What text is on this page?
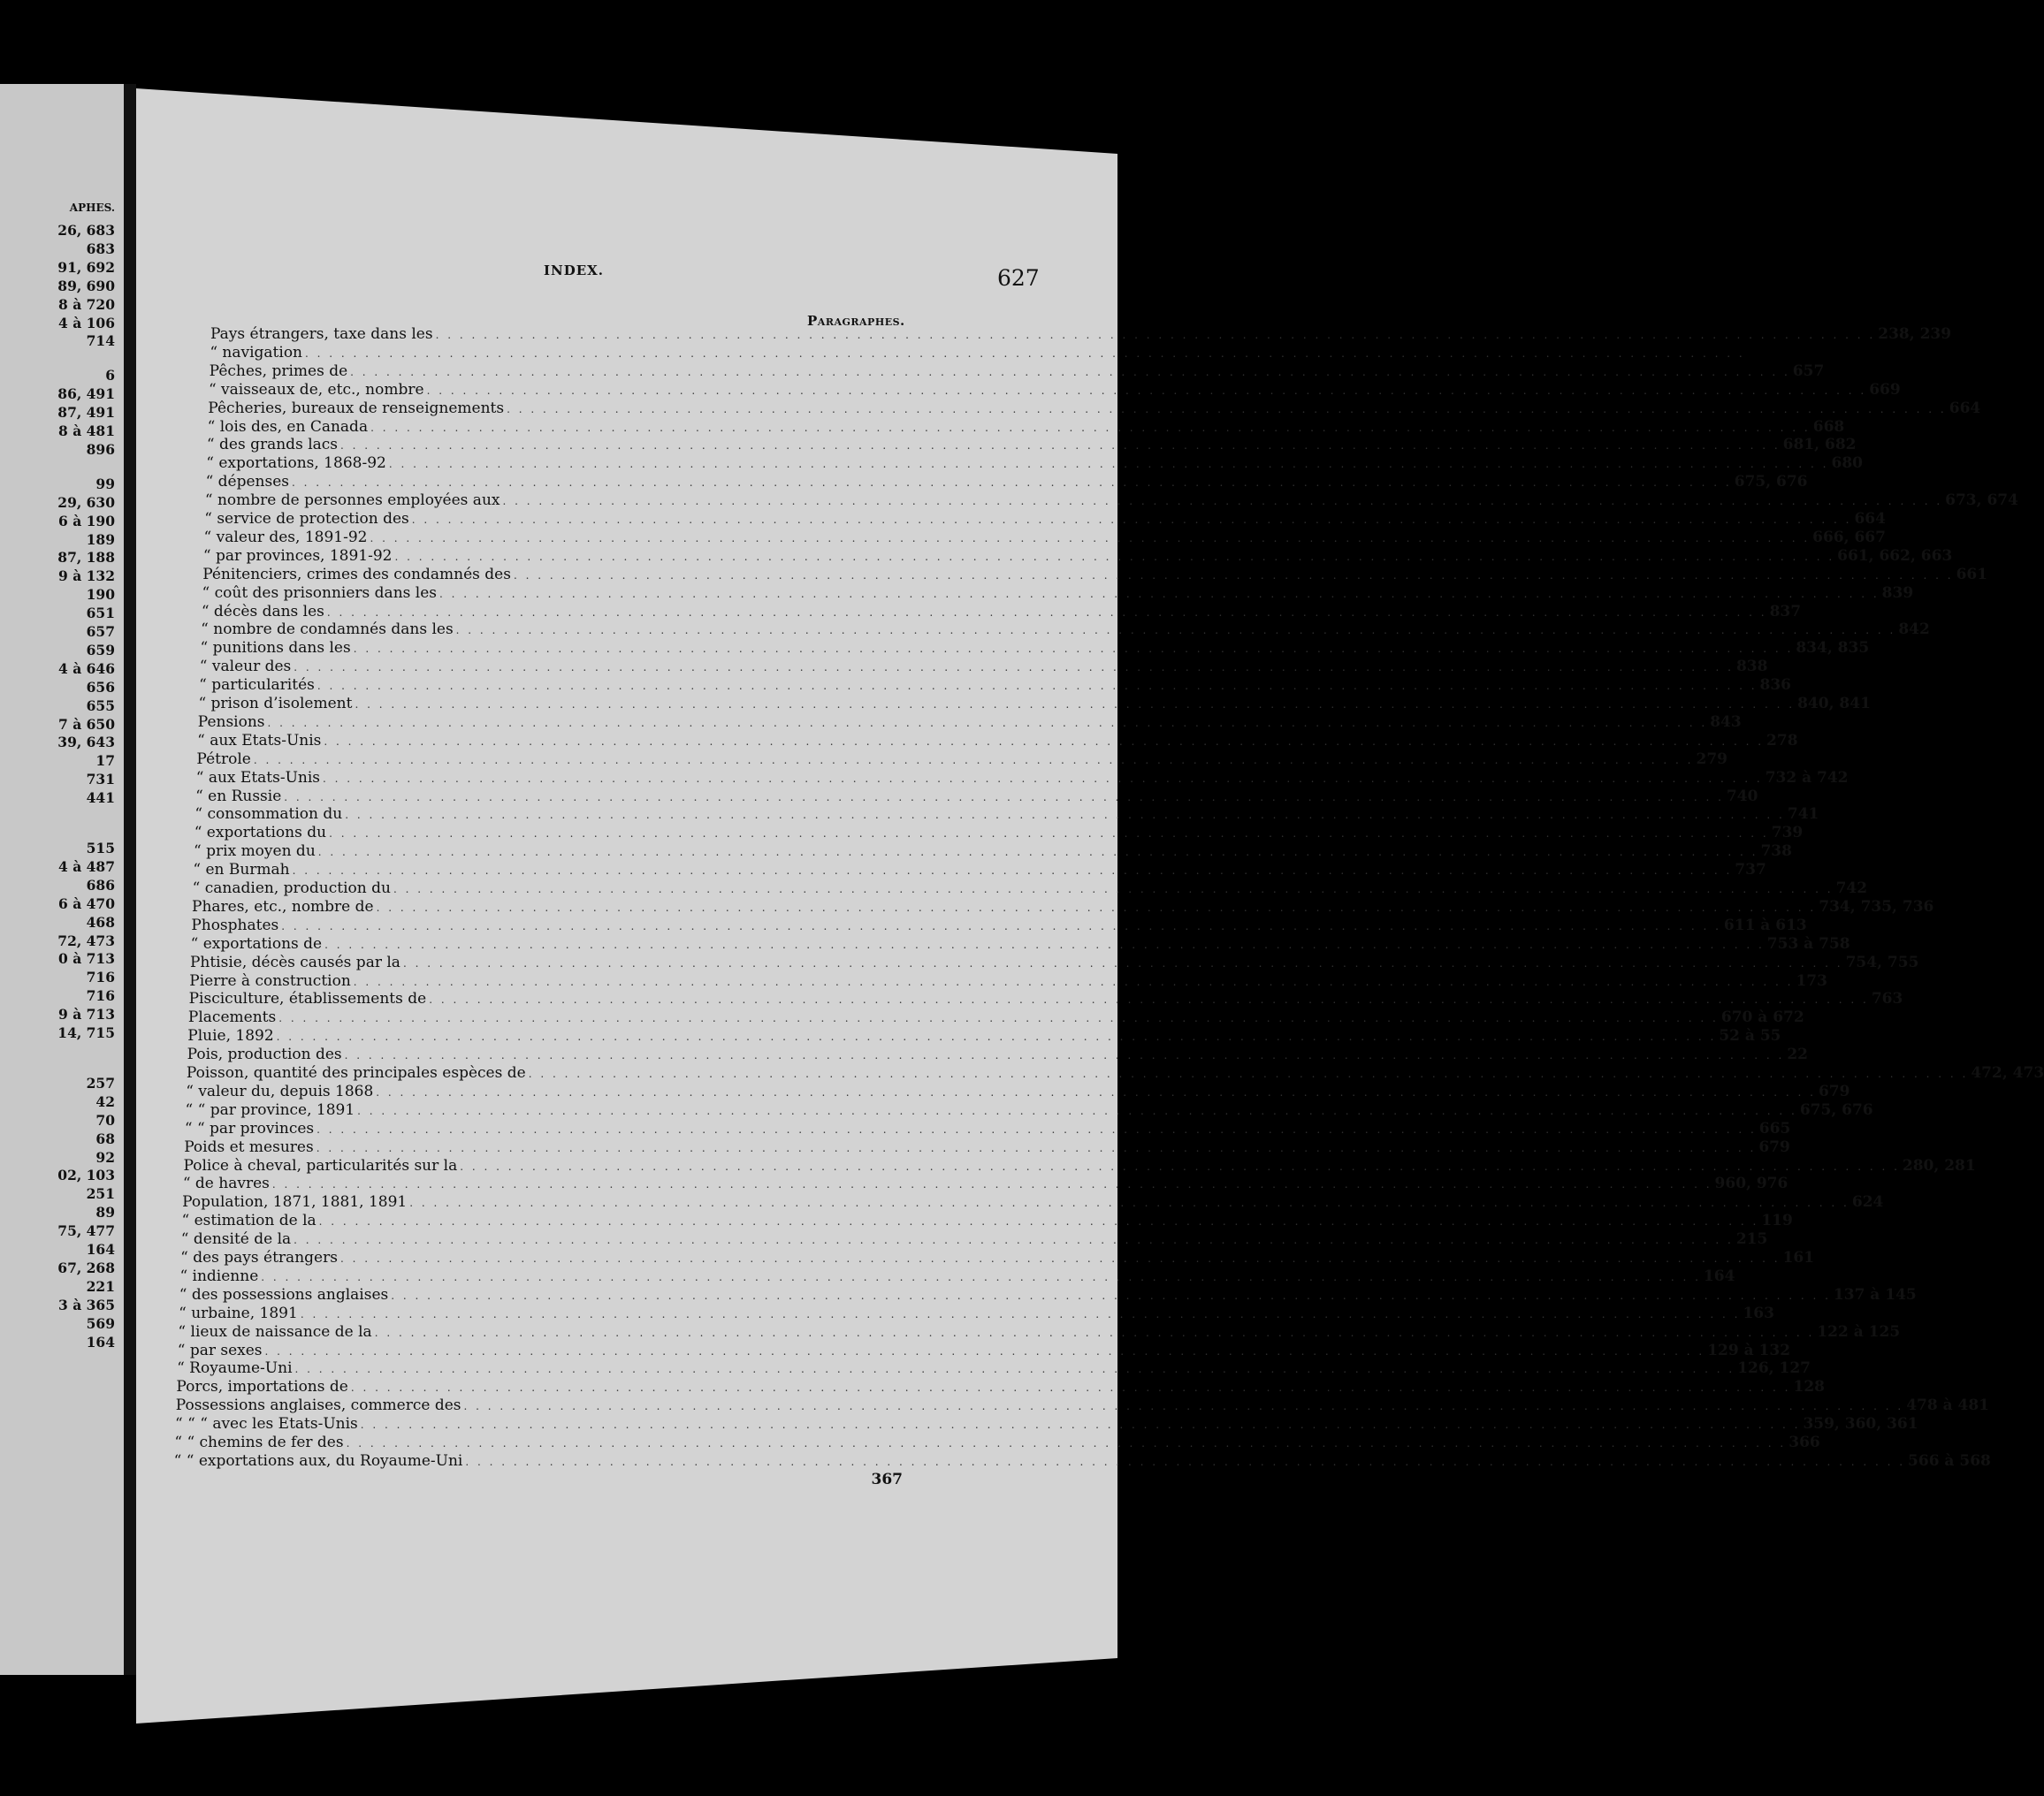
APHES.
26, 683
683
91, 692
89, 690
8 à 720
4 à 106
714
6
86, 491
87, 491
8 à 481
896
99
29, 630
6 à 190
189
87, 188
9 à 132
190
651
657
659
4 à 646
656
655
7 à 650
39, 643
17
731
441
515
4 à 487
686
6 à 470
468
72, 473
0 à 713
716
716
9 à 713
14, 715
257
42
70
68
92
02, 103
251
89
75, 477
164
67, 268
221
3 à 365
569
164
INDEX.	627
Paragraphes.
Pays étrangers, taxe dans les . . . . . . . . . . . . . . . . . . . . . . . . . . . . . . . . . . . . . . . . . . . . . . . . . . . . . . . . . . . . . . . . . . . . . . . . . . . . . . . . . . . . . . . . . . . . . . . . . . . . . . . . . . . . . . . . . . . . . . . . 238, 239
“ navigation . . . . . . . . . . . . . . . . . . . . . . . . . . . . . . . . . . . . . . . . . . . . . . . . . . . . . . . . . . . . . . . . . . . . . . . . . . . . . . . . . . . . . . . . . . . . . . . . . . . . . . . . . . . . . . . . . . . . . . . .
Pêches, primes de . . . . . . . . . . . . . . . . . . . . . . . . . . . . . . . . . . . . . . . . . . . . . . . . . . . . . . . . . . . . . . . . . . . . . . . . . . . . . . . . . . . . . . . . . . . . . . . . . . . . . . . . . . . . . . . . . . . . . . . . 657
“ vaisseaux de, etc., nombre . . . . . . . . . . . . . . . . . . . . . . . . . . . . . . . . . . . . . . . . . . . . . . . . . . . . . . . . . . . . . . . . . . . . . . . . . . . . . . . . . . . . . . . . . . . . . . . . . . . . . . . . . . . . . . . . . . . . . . . . 669
Pêcheries, bureaux de renseignements . . . . . . . . . . . . . . . . . . . . . . . . . . . . . . . . . . . . . . . . . . . . . . . . . . . . . . . . . . . . . . . . . . . . . . . . . . . . . . . . . . . . . . . . . . . . . . . . . . . . . . . . . . . . . . . . . . . . . . . . 664
“ lois des, en Canada . . . . . . . . . . . . . . . . . . . . . . . . . . . . . . . . . . . . . . . . . . . . . . . . . . . . . . . . . . . . . . . . . . . . . . . . . . . . . . . . . . . . . . . . . . . . . . . . . . . . . . . . . . . . . . . . . . . . . . . . 668
“ des grands lacs . . . . . . . . . . . . . . . . . . . . . . . . . . . . . . . . . . . . . . . . . . . . . . . . . . . . . . . . . . . . . . . . . . . . . . . . . . . . . . . . . . . . . . . . . . . . . . . . . . . . . . . . . . . . . . . . . . . . . . . . 681, 682
“ exportations, 1868-92 . . . . . . . . . . . . . . . . . . . . . . . . . . . . . . . . . . . . . . . . . . . . . . . . . . . . . . . . . . . . . . . . . . . . . . . . . . . . . . . . . . . . . . . . . . . . . . . . . . . . . . . . . . . . . . . . . . . . . . . . 680
“ dépenses . . . . . . . . . . . . . . . . . . . . . . . . . . . . . . . . . . . . . . . . . . . . . . . . . . . . . . . . . . . . . . . . . . . . . . . . . . . . . . . . . . . . . . . . . . . . . . . . . . . . . . . . . . . . . . . . . . . . . . . . 675, 676
“ nombre de personnes employées aux . . . . . . . . . . . . . . . . . . . . . . . . . . . . . . . . . . . . . . . . . . . . . . . . . . . . . . . . . . . . . . . . . . . . . . . . . . . . . . . . . . . . . . . . . . . . . . . . . . . . . . . . . . . . . . . . . . . . . . . . 673, 674
“ service de protection des . . . . . . . . . . . . . . . . . . . . . . . . . . . . . . . . . . . . . . . . . . . . . . . . . . . . . . . . . . . . . . . . . . . . . . . . . . . . . . . . . . . . . . . . . . . . . . . . . . . . . . . . . . . . . . . . . . . . . . . . 664
“ valeur des, 1891-92 . . . . . . . . . . . . . . . . . . . . . . . . . . . . . . . . . . . . . . . . . . . . . . . . . . . . . . . . . . . . . . . . . . . . . . . . . . . . . . . . . . . . . . . . . . . . . . . . . . . . . . . . . . . . . . . . . . . . . . . . 666, 667
“ par provinces, 1891-92 . . . . . . . . . . . . . . . . . . . . . . . . . . . . . . . . . . . . . . . . . . . . . . . . . . . . . . . . . . . . . . . . . . . . . . . . . . . . . . . . . . . . . . . . . . . . . . . . . . . . . . . . . . . . . . . . . . . . . . . . 661, 662, 663
Pénitenciers, crimes des condamnés des . . . . . . . . . . . . . . . . . . . . . . . . . . . . . . . . . . . . . . . . . . . . . . . . . . . . . . . . . . . . . . . . . . . . . . . . . . . . . . . . . . . . . . . . . . . . . . . . . . . . . . . . . . . . . . . . . . . . . . . . 661
“ coût des prisonniers dans les . . . . . . . . . . . . . . . . . . . . . . . . . . . . . . . . . . . . . . . . . . . . . . . . . . . . . . . . . . . . . . . . . . . . . . . . . . . . . . . . . . . . . . . . . . . . . . . . . . . . . . . . . . . . . . . . . . . . . . . . 839
“ décès dans les . . . . . . . . . . . . . . . . . . . . . . . . . . . . . . . . . . . . . . . . . . . . . . . . . . . . . . . . . . . . . . . . . . . . . . . . . . . . . . . . . . . . . . . . . . . . . . . . . . . . . . . . . . . . . . . . . . . . . . . . 837
“ nombre de condamnés dans les . . . . . . . . . . . . . . . . . . . . . . . . . . . . . . . . . . . . . . . . . . . . . . . . . . . . . . . . . . . . . . . . . . . . . . . . . . . . . . . . . . . . . . . . . . . . . . . . . . . . . . . . . . . . . . . . . . . . . . . . 842
“ punitions dans les . . . . . . . . . . . . . . . . . . . . . . . . . . . . . . . . . . . . . . . . . . . . . . . . . . . . . . . . . . . . . . . . . . . . . . . . . . . . . . . . . . . . . . . . . . . . . . . . . . . . . . . . . . . . . . . . . . . . . . . . 834, 835
“ valeur des . . . . . . . . . . . . . . . . . . . . . . . . . . . . . . . . . . . . . . . . . . . . . . . . . . . . . . . . . . . . . . . . . . . . . . . . . . . . . . . . . . . . . . . . . . . . . . . . . . . . . . . . . . . . . . . . . . . . . . . . 838
“ particularités . . . . . . . . . . . . . . . . . . . . . . . . . . . . . . . . . . . . . . . . . . . . . . . . . . . . . . . . . . . . . . . . . . . . . . . . . . . . . . . . . . . . . . . . . . . . . . . . . . . . . . . . . . . . . . . . . . . . . . . . 836
“ prison d’isolement . . . . . . . . . . . . . . . . . . . . . . . . . . . . . . . . . . . . . . . . . . . . . . . . . . . . . . . . . . . . . . . . . . . . . . . . . . . . . . . . . . . . . . . . . . . . . . . . . . . . . . . . . . . . . . . . . . . . . . . . 840, 841
Pensions . . . . . . . . . . . . . . . . . . . . . . . . . . . . . . . . . . . . . . . . . . . . . . . . . . . . . . . . . . . . . . . . . . . . . . . . . . . . . . . . . . . . . . . . . . . . . . . . . . . . . . . . . . . . . . . . . . . . . . . . 843
“ aux Etats-Unis . . . . . . . . . . . . . . . . . . . . . . . . . . . . . . . . . . . . . . . . . . . . . . . . . . . . . . . . . . . . . . . . . . . . . . . . . . . . . . . . . . . . . . . . . . . . . . . . . . . . . . . . . . . . . . . . . . . . . . . . 278
Pétrole . . . . . . . . . . . . . . . . . . . . . . . . . . . . . . . . . . . . . . . . . . . . . . . . . . . . . . . . . . . . . . . . . . . . . . . . . . . . . . . . . . . . . . . . . . . . . . . . . . . . . . . . . . . . . . . . . . . . . . . . 279
“ aux Etats-Unis . . . . . . . . . . . . . . . . . . . . . . . . . . . . . . . . . . . . . . . . . . . . . . . . . . . . . . . . . . . . . . . . . . . . . . . . . . . . . . . . . . . . . . . . . . . . . . . . . . . . . . . . . . . . . . . . . . . . . . . . 732 à 742
“ en Russie . . . . . . . . . . . . . . . . . . . . . . . . . . . . . . . . . . . . . . . . . . . . . . . . . . . . . . . . . . . . . . . . . . . . . . . . . . . . . . . . . . . . . . . . . . . . . . . . . . . . . . . . . . . . . . . . . . . . . . . . 740
“ consommation du . . . . . . . . . . . . . . . . . . . . . . . . . . . . . . . . . . . . . . . . . . . . . . . . . . . . . . . . . . . . . . . . . . . . . . . . . . . . . . . . . . . . . . . . . . . . . . . . . . . . . . . . . . . . . . . . . . . . . . . . 741
“ exportations du . . . . . . . . . . . . . . . . . . . . . . . . . . . . . . . . . . . . . . . . . . . . . . . . . . . . . . . . . . . . . . . . . . . . . . . . . . . . . . . . . . . . . . . . . . . . . . . . . . . . . . . . . . . . . . . . . . . . . . . . 739
“ prix moyen du . . . . . . . . . . . . . . . . . . . . . . . . . . . . . . . . . . . . . . . . . . . . . . . . . . . . . . . . . . . . . . . . . . . . . . . . . . . . . . . . . . . . . . . . . . . . . . . . . . . . . . . . . . . . . . . . . . . . . . . . 738
“ en Burmah . . . . . . . . . . . . . . . . . . . . . . . . . . . . . . . . . . . . . . . . . . . . . . . . . . . . . . . . . . . . . . . . . . . . . . . . . . . . . . . . . . . . . . . . . . . . . . . . . . . . . . . . . . . . . . . . . . . . . . . . 737
“ canadien, production du . . . . . . . . . . . . . . . . . . . . . . . . . . . . . . . . . . . . . . . . . . . . . . . . . . . . . . . . . . . . . . . . . . . . . . . . . . . . . . . . . . . . . . . . . . . . . . . . . . . . . . . . . . . . . . . . . . . . . . . . 742
Phares, etc., nombre de . . . . . . . . . . . . . . . . . . . . . . . . . . . . . . . . . . . . . . . . . . . . . . . . . . . . . . . . . . . . . . . . . . . . . . . . . . . . . . . . . . . . . . . . . . . . . . . . . . . . . . . . . . . . . . . . . . . . . . . . 734, 735, 736
Phosphates . . . . . . . . . . . . . . . . . . . . . . . . . . . . . . . . . . . . . . . . . . . . . . . . . . . . . . . . . . . . . . . . . . . . . . . . . . . . . . . . . . . . . . . . . . . . . . . . . . . . . . . . . . . . . . . . . . . . . . . . 611 à 613
“ exportations de . . . . . . . . . . . . . . . . . . . . . . . . . . . . . . . . . . . . . . . . . . . . . . . . . . . . . . . . . . . . . . . . . . . . . . . . . . . . . . . . . . . . . . . . . . . . . . . . . . . . . . . . . . . . . . . . . . . . . . . . 753 à 758
Phtisie, décès causés par la . . . . . . . . . . . . . . . . . . . . . . . . . . . . . . . . . . . . . . . . . . . . . . . . . . . . . . . . . . . . . . . . . . . . . . . . . . . . . . . . . . . . . . . . . . . . . . . . . . . . . . . . . . . . . . . . . . . . . . . . 754, 755
Pierre à construction . . . . . . . . . . . . . . . . . . . . . . . . . . . . . . . . . . . . . . . . . . . . . . . . . . . . . . . . . . . . . . . . . . . . . . . . . . . . . . . . . . . . . . . . . . . . . . . . . . . . . . . . . . . . . . . . . . . . . . . . 173
Pisciculture, établissements de . . . . . . . . . . . . . . . . . . . . . . . . . . . . . . . . . . . . . . . . . . . . . . . . . . . . . . . . . . . . . . . . . . . . . . . . . . . . . . . . . . . . . . . . . . . . . . . . . . . . . . . . . . . . . . . . . . . . . . . . 763
Placements . . . . . . . . . . . . . . . . . . . . . . . . . . . . . . . . . . . . . . . . . . . . . . . . . . . . . . . . . . . . . . . . . . . . . . . . . . . . . . . . . . . . . . . . . . . . . . . . . . . . . . . . . . . . . . . . . . . . . . . . 670 à 672
Pluie, 1892 . . . . . . . . . . . . . . . . . . . . . . . . . . . . . . . . . . . . . . . . . . . . . . . . . . . . . . . . . . . . . . . . . . . . . . . . . . . . . . . . . . . . . . . . . . . . . . . . . . . . . . . . . . . . . . . . . . . . . . . . 52 à 55
Pois, production des . . . . . . . . . . . . . . . . . . . . . . . . . . . . . . . . . . . . . . . . . . . . . . . . . . . . . . . . . . . . . . . . . . . . . . . . . . . . . . . . . . . . . . . . . . . . . . . . . . . . . . . . . . . . . . . . . . . . . . . . 22
Poisson, quantité des principales espèces de . . . . . . . . . . . . . . . . . . . . . . . . . . . . . . . . . . . . . . . . . . . . . . . . . . . . . . . . . . . . . . . . . . . . . . . . . . . . . . . . . . . . . . . . . . . . . . . . . . . . . . . . . . . . . . . . . . . . . . . . 472, 473
“ valeur du, depuis 1868 . . . . . . . . . . . . . . . . . . . . . . . . . . . . . . . . . . . . . . . . . . . . . . . . . . . . . . . . . . . . . . . . . . . . . . . . . . . . . . . . . . . . . . . . . . . . . . . . . . . . . . . . . . . . . . . . . . . . . . . . 679
“ “ par province, 1891 . . . . . . . . . . . . . . . . . . . . . . . . . . . . . . . . . . . . . . . . . . . . . . . . . . . . . . . . . . . . . . . . . . . . . . . . . . . . . . . . . . . . . . . . . . . . . . . . . . . . . . . . . . . . . . . . . . . . . . . . 675, 676
“ “ par provinces . . . . . . . . . . . . . . . . . . . . . . . . . . . . . . . . . . . . . . . . . . . . . . . . . . . . . . . . . . . . . . . . . . . . . . . . . . . . . . . . . . . . . . . . . . . . . . . . . . . . . . . . . . . . . . . . . . . . . . . . 665
Poids et mesures . . . . . . . . . . . . . . . . . . . . . . . . . . . . . . . . . . . . . . . . . . . . . . . . . . . . . . . . . . . . . . . . . . . . . . . . . . . . . . . . . . . . . . . . . . . . . . . . . . . . . . . . . . . . . . . . . . . . . . . . 679
Police à cheval, particularités sur la . . . . . . . . . . . . . . . . . . . . . . . . . . . . . . . . . . . . . . . . . . . . . . . . . . . . . . . . . . . . . . . . . . . . . . . . . . . . . . . . . . . . . . . . . . . . . . . . . . . . . . . . . . . . . . . . . . . . . . . . 280, 281
“ de havres . . . . . . . . . . . . . . . . . . . . . . . . . . . . . . . . . . . . . . . . . . . . . . . . . . . . . . . . . . . . . . . . . . . . . . . . . . . . . . . . . . . . . . . . . . . . . . . . . . . . . . . . . . . . . . . . . . . . . . . . 960, 976
Population, 1871, 1881, 1891 . . . . . . . . . . . . . . . . . . . . . . . . . . . . . . . . . . . . . . . . . . . . . . . . . . . . . . . . . . . . . . . . . . . . . . . . . . . . . . . . . . . . . . . . . . . . . . . . . . . . . . . . . . . . . . . . . . . . . . . . 624
“ estimation de la . . . . . . . . . . . . . . . . . . . . . . . . . . . . . . . . . . . . . . . . . . . . . . . . . . . . . . . . . . . . . . . . . . . . . . . . . . . . . . . . . . . . . . . . . . . . . . . . . . . . . . . . . . . . . . . . . . . . . . . . 119
“ densité de la . . . . . . . . . . . . . . . . . . . . . . . . . . . . . . . . . . . . . . . . . . . . . . . . . . . . . . . . . . . . . . . . . . . . . . . . . . . . . . . . . . . . . . . . . . . . . . . . . . . . . . . . . . . . . . . . . . . . . . . . 215
“ des pays étrangers . . . . . . . . . . . . . . . . . . . . . . . . . . . . . . . . . . . . . . . . . . . . . . . . . . . . . . . . . . . . . . . . . . . . . . . . . . . . . . . . . . . . . . . . . . . . . . . . . . . . . . . . . . . . . . . . . . . . . . . . 161
“ indienne . . . . . . . . . . . . . . . . . . . . . . . . . . . . . . . . . . . . . . . . . . . . . . . . . . . . . . . . . . . . . . . . . . . . . . . . . . . . . . . . . . . . . . . . . . . . . . . . . . . . . . . . . . . . . . . . . . . . . . . . 164
“ des possessions anglaises . . . . . . . . . . . . . . . . . . . . . . . . . . . . . . . . . . . . . . . . . . . . . . . . . . . . . . . . . . . . . . . . . . . . . . . . . . . . . . . . . . . . . . . . . . . . . . . . . . . . . . . . . . . . . . . . . . . . . . . . 137 à 145
“ urbaine, 1891 . . . . . . . . . . . . . . . . . . . . . . . . . . . . . . . . . . . . . . . . . . . . . . . . . . . . . . . . . . . . . . . . . . . . . . . . . . . . . . . . . . . . . . . . . . . . . . . . . . . . . . . . . . . . . . . . . . . . . . . . 163
“ lieux de naissance de la . . . . . . . . . . . . . . . . . . . . . . . . . . . . . . . . . . . . . . . . . . . . . . . . . . . . . . . . . . . . . . . . . . . . . . . . . . . . . . . . . . . . . . . . . . . . . . . . . . . . . . . . . . . . . . . . . . . . . . . . 122 à 125
“ par sexes . . . . . . . . . . . . . . . . . . . . . . . . . . . . . . . . . . . . . . . . . . . . . . . . . . . . . . . . . . . . . . . . . . . . . . . . . . . . . . . . . . . . . . . . . . . . . . . . . . . . . . . . . . . . . . . . . . . . . . . . 129 à 132
“ Royaume-Uni . . . . . . . . . . . . . . . . . . . . . . . . . . . . . . . . . . . . . . . . . . . . . . . . . . . . . . . . . . . . . . . . . . . . . . . . . . . . . . . . . . . . . . . . . . . . . . . . . . . . . . . . . . . . . . . . . . . . . . . . 126, 127
Porcs, importations de . . . . . . . . . . . . . . . . . . . . . . . . . . . . . . . . . . . . . . . . . . . . . . . . . . . . . . . . . . . . . . . . . . . . . . . . . . . . . . . . . . . . . . . . . . . . . . . . . . . . . . . . . . . . . . . . . . . . . . . . 128
Possessions anglaises, commerce des . . . . . . . . . . . . . . . . . . . . . . . . . . . . . . . . . . . . . . . . . . . . . . . . . . . . . . . . . . . . . . . . . . . . . . . . . . . . . . . . . . . . . . . . . . . . . . . . . . . . . . . . . . . . . . . . . . . . . . . . 478 à 481
“ “ “ avec les Etats-Unis . . . . . . . . . . . . . . . . . . . . . . . . . . . . . . . . . . . . . . . . . . . . . . . . . . . . . . . . . . . . . . . . . . . . . . . . . . . . . . . . . . . . . . . . . . . . . . . . . . . . . . . . . . . . . . . . . . . . . . . . 359, 360, 361
“ “ chemins de fer des . . . . . . . . . . . . . . . . . . . . . . . . . . . . . . . . . . . . . . . . . . . . . . . . . . . . . . . . . . . . . . . . . . . . . . . . . . . . . . . . . . . . . . . . . . . . . . . . . . . . . . . . . . . . . . . . . . . . . . . . 366
“ “ exportations aux, du Royaume-Uni . . . . . . . . . . . . . . . . . . . . . . . . . . . . . . . . . . . . . . . . . . . . . . . . . . . . . . . . . . . . . . . . . . . . . . . . . . . . . . . . . . . . . . . . . . . . . . . . . . . . . . . . . . . . . . . . . . . . . . . . 566 à 568
367
